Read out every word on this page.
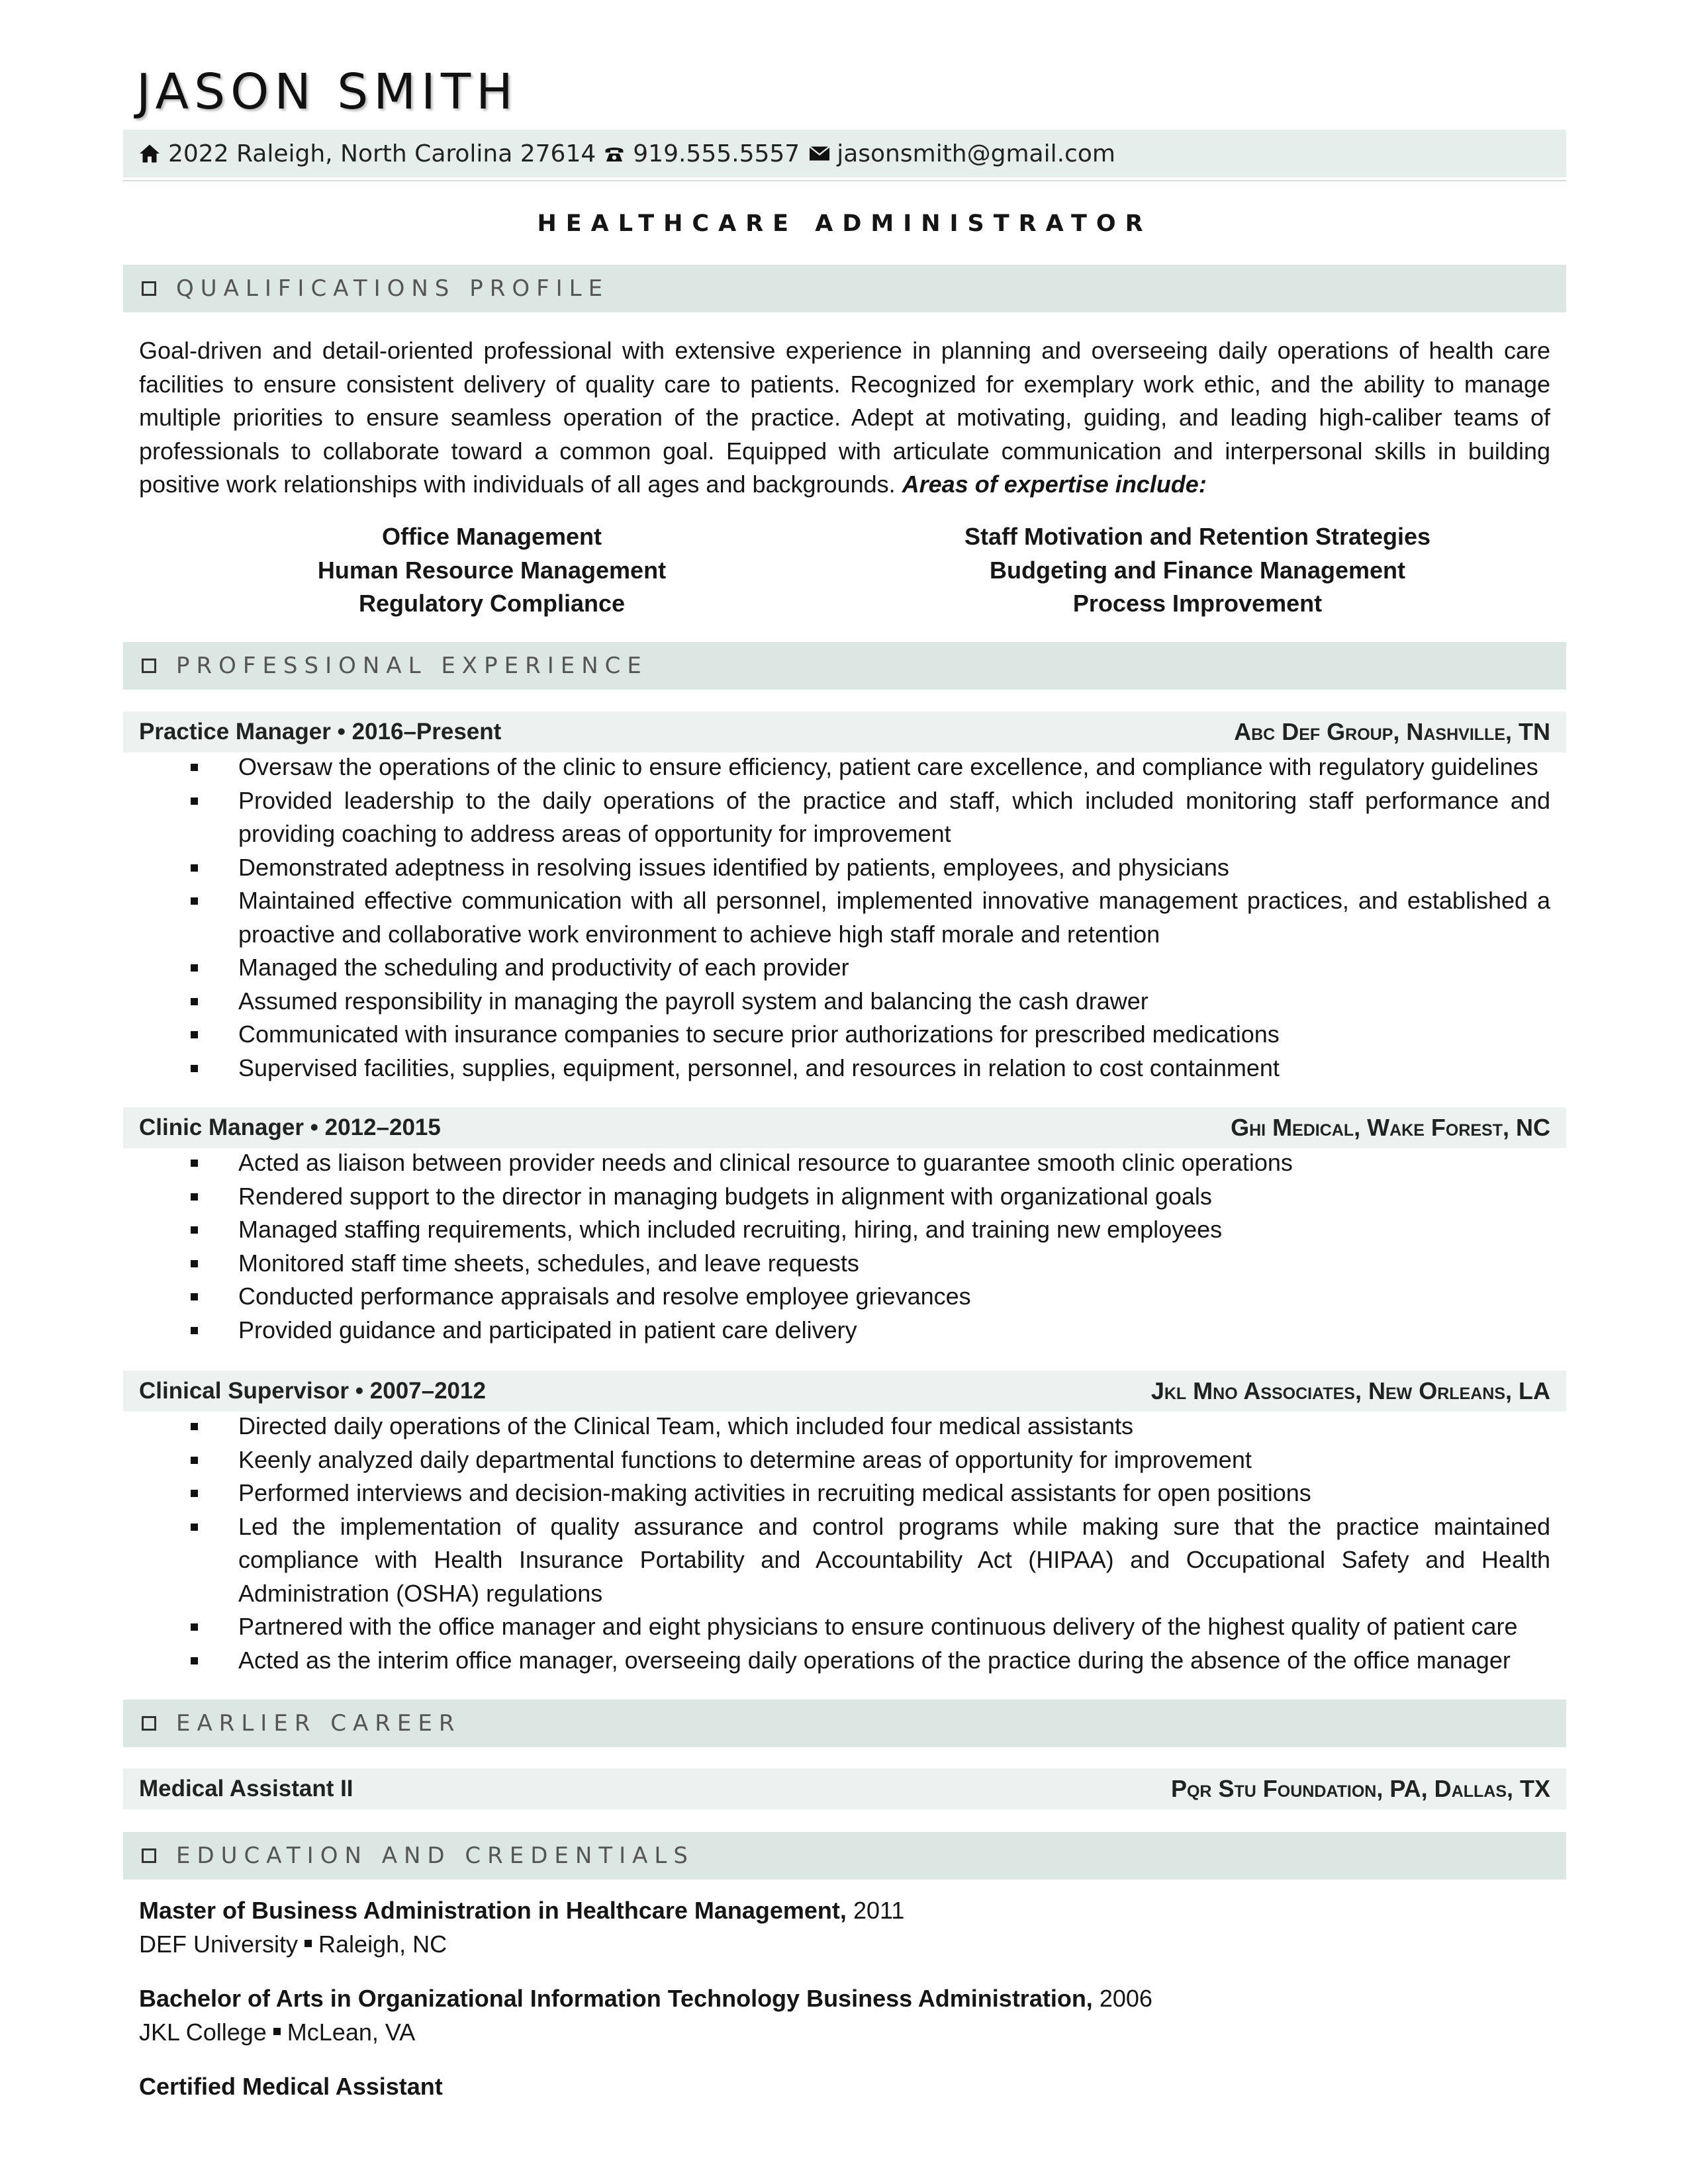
JASON SMITH
2022 Raleigh, North Carolina 27614 919.555.5557 jasonsmith@gmail.com
HEALTHCARE ADMINISTRATOR
QUALIFICATIONS PROFILE
Goal-driven and detail-oriented professional with extensive experience in planning and overseeing daily operations of health care facilities to ensure consistent delivery of quality care to patients. Recognized for exemplary work ethic, and the ability to manage multiple priorities to ensure seamless operation of the practice. Adept at motivating, guiding, and leading high-caliber teams of professionals to collaborate toward a common goal. Equipped with articulate communication and interpersonal skills in building positive work relationships with individuals of all ages and backgrounds. Areas of expertise include:
Office Management	Staff Motivation and Retention Strategies
Human Resource Management	Budgeting and Finance Management
Regulatory Compliance	Process Improvement
PROFESSIONAL EXPERIENCE
Practice Manager • 2016–Present	Abc Def Group, Nashville, TN
Oversaw the operations of the clinic to ensure efficiency, patient care excellence, and compliance with regulatory guidelines
Provided leadership to the daily operations of the practice and staff, which included monitoring staff performance and providing coaching to address areas of opportunity for improvement
Demonstrated adeptness in resolving issues identified by patients, employees, and physicians
Maintained effective communication with all personnel, implemented innovative management practices, and established a proactive and collaborative work environment to achieve high staff morale and retention
Managed the scheduling and productivity of each provider
Assumed responsibility in managing the payroll system and balancing the cash drawer
Communicated with insurance companies to secure prior authorizations for prescribed medications
Supervised facilities, supplies, equipment, personnel, and resources in relation to cost containment
Clinic Manager • 2012–2015	Ghi Medical, Wake Forest, NC
Acted as liaison between provider needs and clinical resource to guarantee smooth clinic operations
Rendered support to the director in managing budgets in alignment with organizational goals
Managed staffing requirements, which included recruiting, hiring, and training new employees
Monitored staff time sheets, schedules, and leave requests
Conducted performance appraisals and resolve employee grievances
Provided guidance and participated in patient care delivery
Clinical Supervisor • 2007–2012	Jkl Mno Associates, New Orleans, LA
Directed daily operations of the Clinical Team, which included four medical assistants
Keenly analyzed daily departmental functions to determine areas of opportunity for improvement
Performed interviews and decision-making activities in recruiting medical assistants for open positions
Led the implementation of quality assurance and control programs while making sure that the practice maintained compliance with Health Insurance Portability and Accountability Act (HIPAA) and Occupational Safety and Health Administration (OSHA) regulations
Partnered with the office manager and eight physicians to ensure continuous delivery of the highest quality of patient care
Acted as the interim office manager, overseeing daily operations of the practice during the absence of the office manager
EARLIER CAREER
Medical Assistant II	Pqr Stu Foundation, PA, Dallas, TX
EDUCATION AND CREDENTIALS
Master of Business Administration in Healthcare Management, 2011
DEF University Raleigh, NC
Bachelor of Arts in Organizational Information Technology Business Administration, 2006
JKL College McLean, VA
Certified Medical Assistant
